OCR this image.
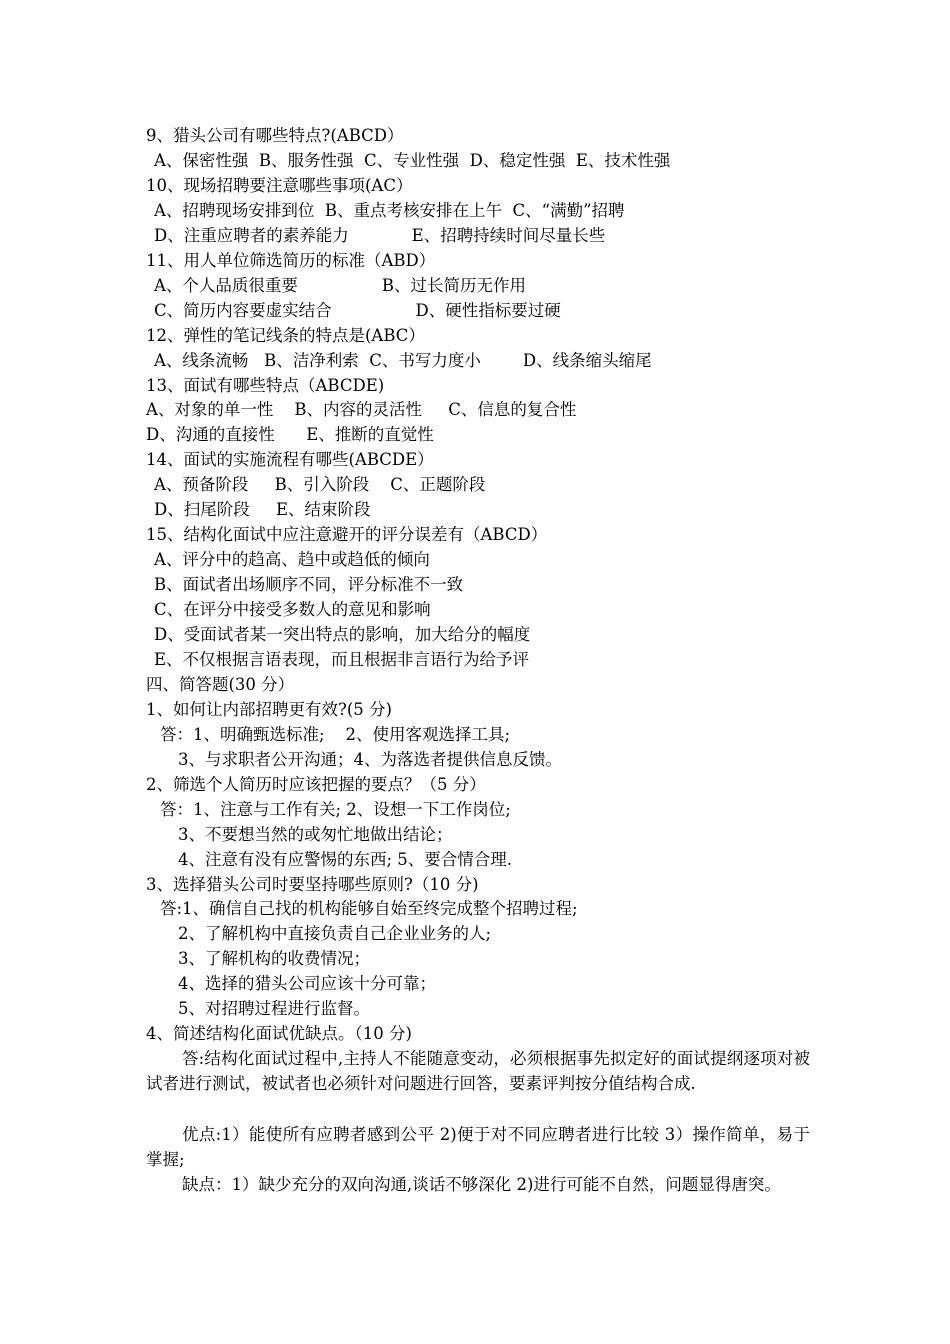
9、猎头公司有哪些特点?(ABCD）
A、保密性强  B、服务性强  C、专业性强  D、稳定性强  E、技术性强
10、现场招聘要注意哪些事项(AC）
A、招聘现场安排到位  B、重点考核安排在上午  C、“满勤”招聘
D、注重应聘者的素养能力            E、招聘持续时间尽量长些
11、用人单位筛选简历的标准（ABD）
A、个人品质很重要                B、过长简历无作用
C、简历内容要虚实结合                D、硬性指标要过硬
12、弹性的笔记线条的特点是(ABC）
A、线条流畅   B、洁净利索  C、书写力度小        D、线条缩头缩尾
13、面试有哪些特点（ABCDE)
A、对象的单一性    B、内容的灵活性     C、信息的复合性
D、沟通的直接性      E、推断的直觉性
14、面试的实施流程有哪些(ABCDE）
A、预备阶段     B、引入阶段    C、正题阶段
D、扫尾阶段     E、结束阶段
15、结构化面试中应注意避开的评分误差有（ABCD）
A、评分中的趋高、趋中或趋低的倾向
B、面试者出场顺序不同，评分标准不一致
C、在评分中接受多数人的意见和影响
D、受面试者某一突出特点的影响，加大给分的幅度
E、不仅根据言语表现，而且根据非言语行为给予评
四、简答题(30 分）
1、如何让内部招聘更有效?(5 分)
答：1、明确甄选标准;    2、使用客观选择工具;
3、与求职者公开沟通；4、为落选者提供信息反馈。
2、筛选个人简历时应该把握的要点？（5 分）
答：1、注意与工作有关; 2、设想一下工作岗位;
3、不要想当然的或匆忙地做出结论；
4、注意有没有应警惕的东西; 5、要合情合理.
3、选择猎头公司时要坚持哪些原则?（10 分)
答:1、确信自己找的机构能够自始至终完成整个招聘过程;
2、了解机构中直接负责自己企业业务的人;
3、了解机构的收费情况；
4、选择的猎头公司应该十分可靠；
5、对招聘过程进行监督。
4、简述结构化面试优缺点。（10 分)
答:结构化面试过程中,主持人不能随意变动，必须根据事先拟定好的面试提纲逐项对被试者进行测试，被试者也必须针对问题进行回答，要素评判按分值结构合成.
优点:1）能使所有应聘者感到公平 2)便于对不同应聘者进行比较 3）操作简单，易于掌握;
缺点：1）缺少充分的双向沟通,谈话不够深化 2)进行可能不自然，问题显得唐突。
